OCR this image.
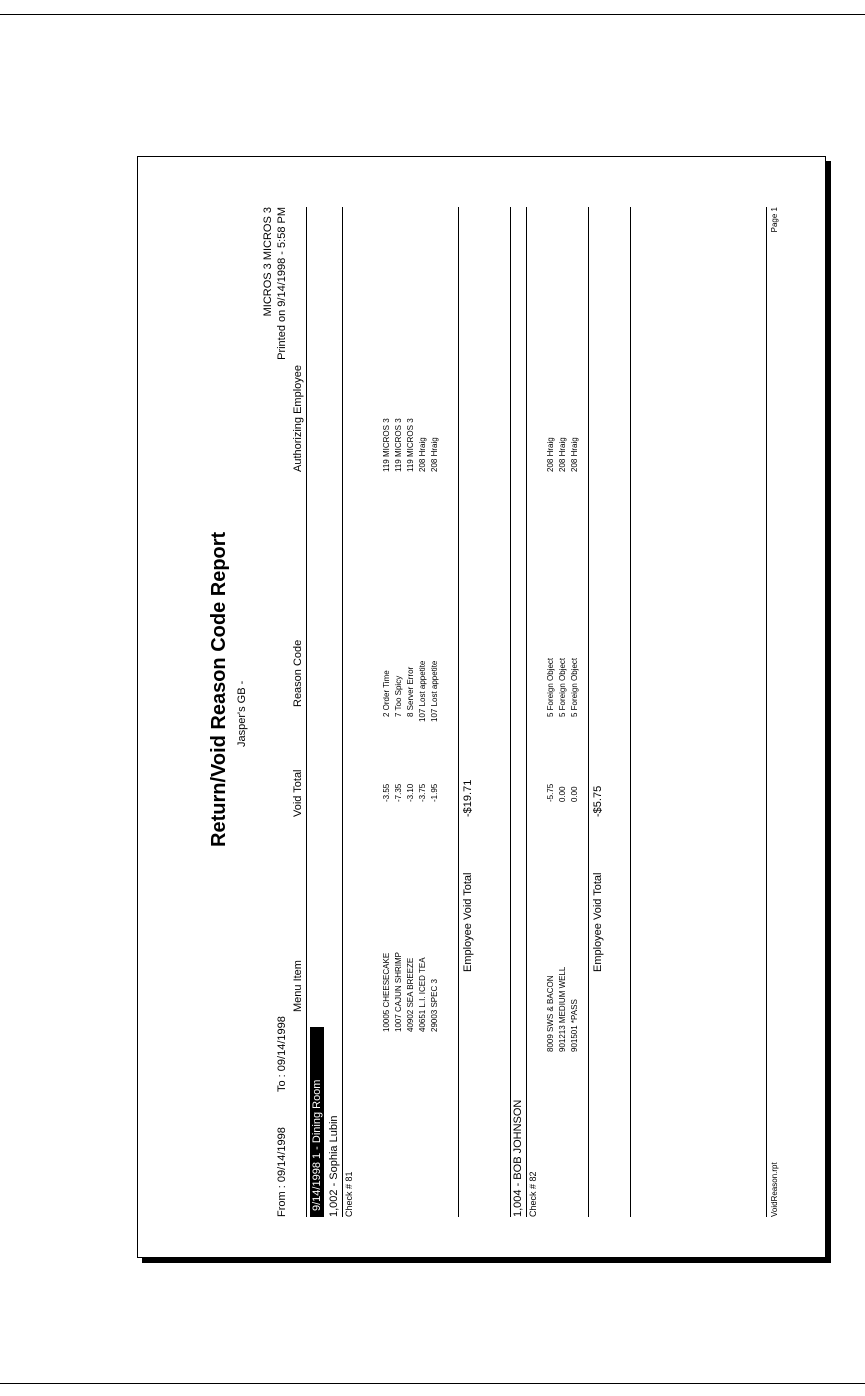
Return/Void Reason Code Report Jasper's GB -
MICROS 3 MICROS 3 Printed on 9/14/1998 - 5:58 PM
From : 09/14/1998
To : 09/14/1998
Menu Item
Void Total
Reason Code
Authorizing Employee
9/14/1998 1 - Dining Room 1,002 - Sophia Lubin Check # 81
10005 CHEESECAKE
-3.55
2 Order Time
119 MICROS 3
1007 CAJUN SHRIMP
-7.35
7 Too Spicy
119 MICROS 3
40902 SEA BREEZE
-3.10
8 Server Error
119 MICROS 3
40651 L.I. ICED TEA
-3.75
107 Lost appetite
208 Hraig
29003 SPEC 3
-1.95
107 Lost appetite
208 Hraig
Employee Void Total
-$19.71
1,004 - BOB JOHNSON Check # 82
8009 SWS & BACON
-5.75
5 Foreign Object
208 Hraig
901213 MEDIUM WELL
0.00
5 Foreign Object
208 Hraig
901501 *PASS
0.00
5 Foreign Object
208 Hraig
Employee Void Total
-$5.75
VoidReason.rpt
Page 1
